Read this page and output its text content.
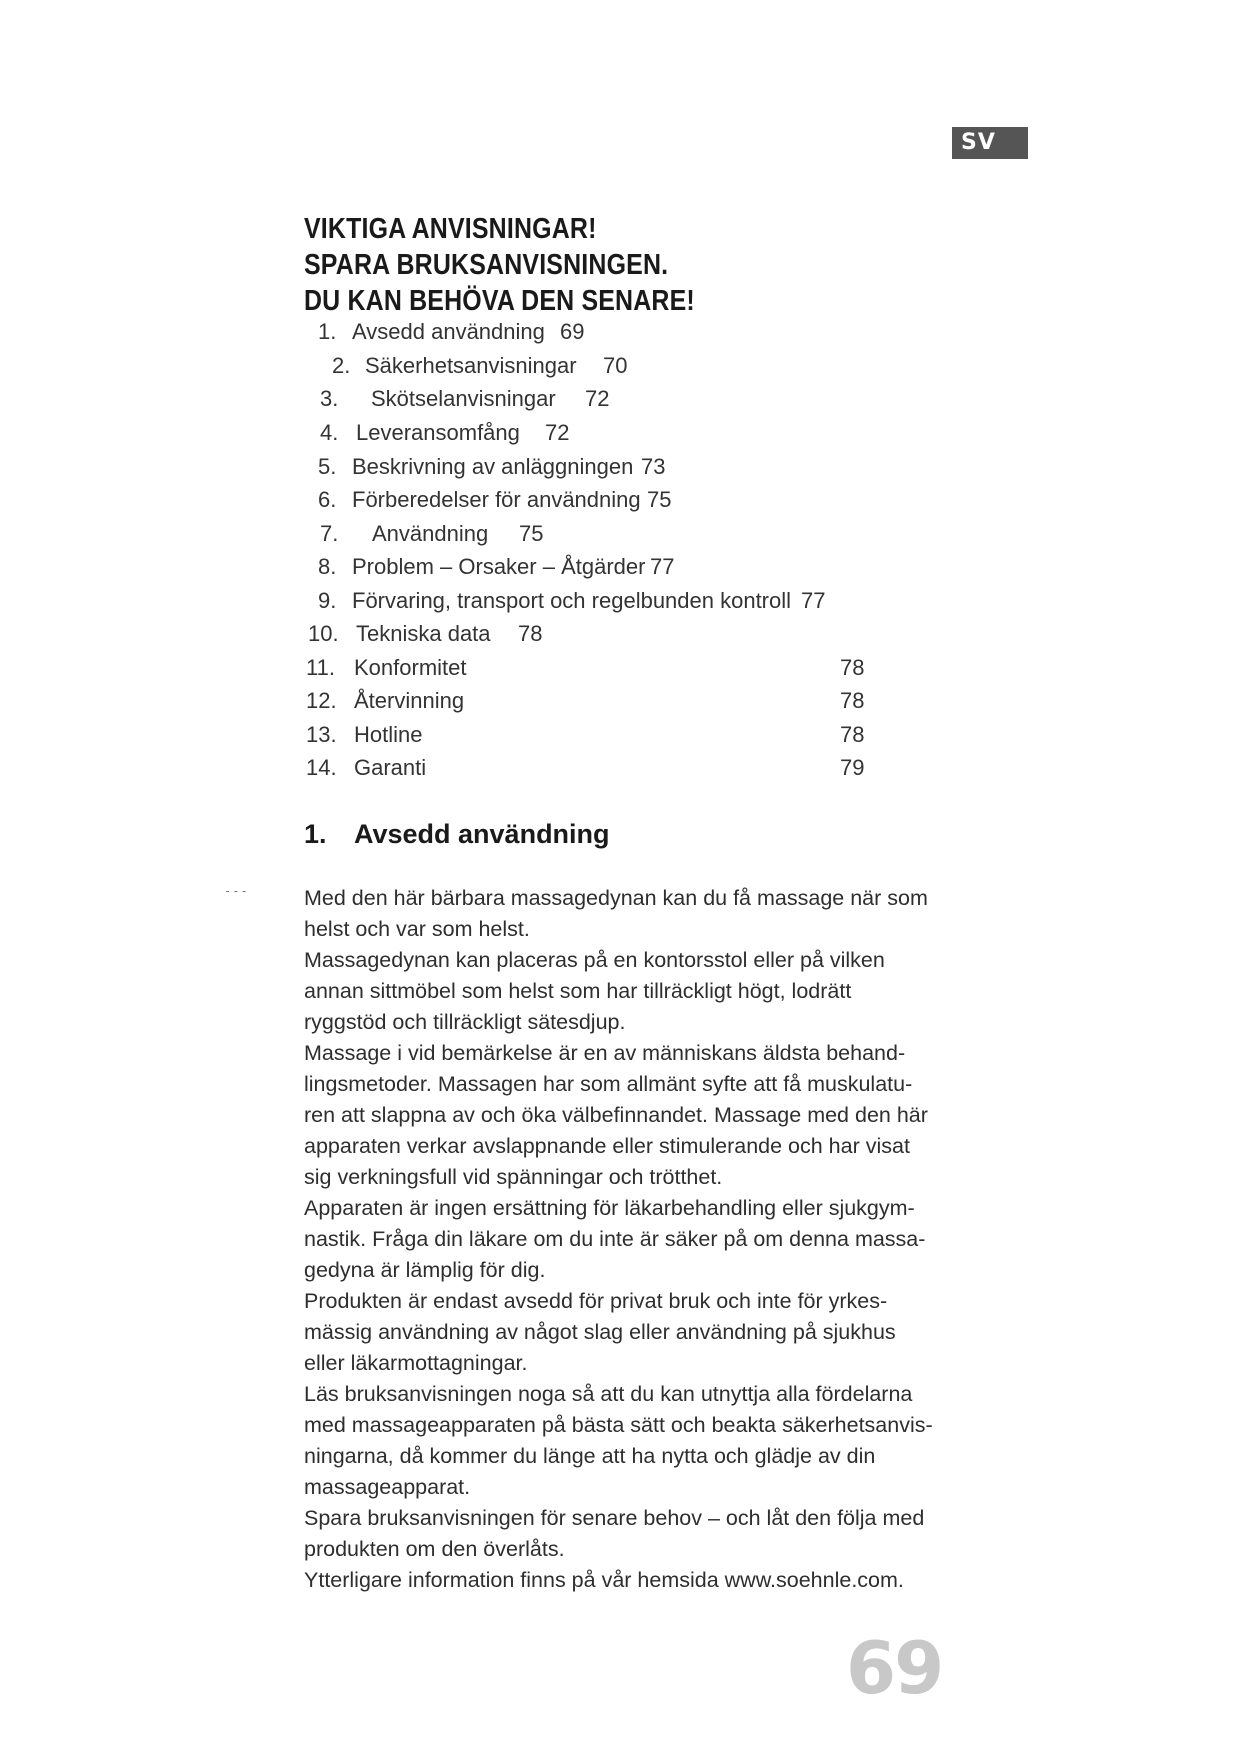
SV
VIKTIGA ANVISNINGAR!
SPARA BRUKSANVISNINGEN.
DU KAN BEHÖVA DEN SENARE!
1. Avsedd användning 69
2. Säkerhetsanvisningar 70
3. Skötselanvisningar 72
4. Leveransomfång 72
5. Beskrivning av anläggningen 73
6. Förberedelser för användning 75
7. Användning 75
8. Problem – Orsaker – Åtgärder 77
9. Förvaring, transport och regelbunden kontroll 77
10. Tekniska data 78
11. Konformitet	78
12. Återvinning	78
13. Hotline	78
14. Garanti	79
1. Avsedd användning
---	Med den här bärbara massagedynan kan du få massage när som
helst och var som helst.
Massagedynan kan placeras på en kontorsstol eller på vilken
annan sittmöbel som helst som har tillräckligt högt, lodrätt
ryggstöd och tillräckligt sätesdjup.
Massage i vid bemärkelse är en av människans äldsta behand-
lingsmetoder. Massagen har som allmänt syfte att få muskulatu-
ren att slappna av och öka välbefinnandet. Massage med den här
apparaten verkar avslappnande eller stimulerande och har visat
sig verkningsfull vid spänningar och trötthet.
Apparaten är ingen ersättning för läkarbehandling eller sjukgym-
nastik. Fråga din läkare om du inte är säker på om denna massa-
gedyna är lämplig för dig.
Produkten är endast avsedd för privat bruk och inte för yrkes-
mässig användning av något slag eller användning på sjukhus
eller läkarmottagningar.
Läs bruksanvisningen noga så att du kan utnyttja alla fördelarna
med massageapparaten på bästa sätt och beakta säkerhetsanvis-
ningarna, då kommer du länge att ha nytta och glädje av din
massageapparat.
Spara bruksanvisningen för senare behov – och låt den följa med
produkten om den överlåts.
Ytterligare information finns på vår hemsida www.soehnle.com.
69
